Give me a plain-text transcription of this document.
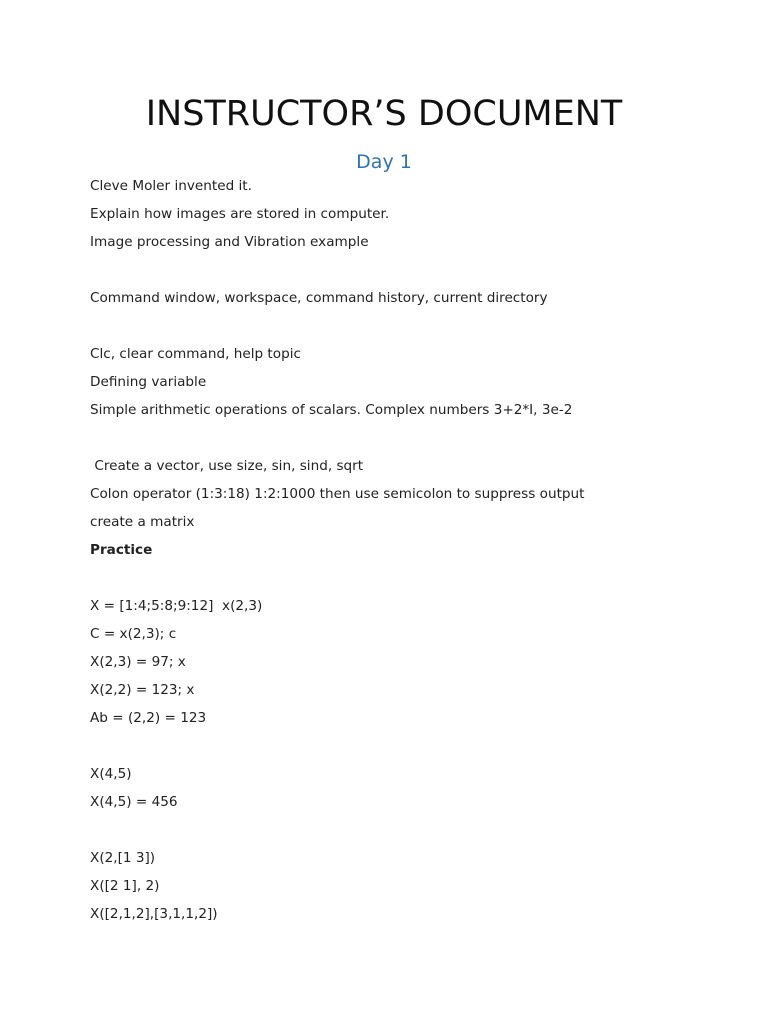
INSTRUCTOR’S DOCUMENT
Day 1
Cleve Moler invented it.
Explain how images are stored in computer.
Image processing and Vibration example
Command window, workspace, command history, current directory
Clc, clear command, help topic
Defining variable
Simple arithmetic operations of scalars. Complex numbers 3+2*I, 3e-2
Create a vector, use size, sin, sind, sqrt
Colon operator (1:3:18) 1:2:1000 then use semicolon to suppress output
create a matrix
Practice
X = [1:4;5:8;9:12]  x(2,3)
C = x(2,3); c
X(2,3) = 97; x
X(2,2) = 123; x
Ab = (2,2) = 123
X(4,5)
X(4,5) = 456
X(2,[1 3])
X([2 1], 2)
X([2,1,2],[3,1,1,2])
